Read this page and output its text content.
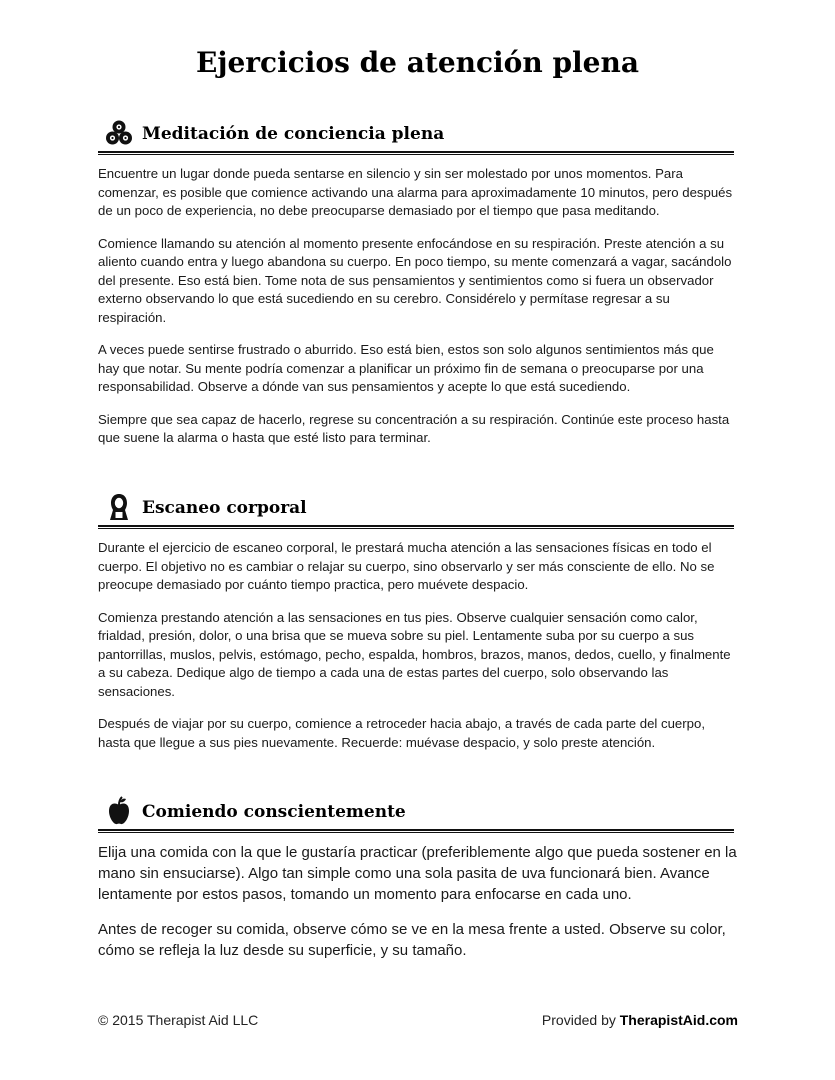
Ejercicios de atención plena
Meditación de conciencia plena

Encuentre un lugar donde pueda sentarse en silencio y sin ser molestado por unos momentos. Para comenzar, es posible que comience activando una alarma para aproximadamente 10 minutos, pero después de un poco de experiencia, no debe preocuparse demasiado por el tiempo que pasa meditando.

Comience llamando su atención al momento presente enfocándose en su respiración. Preste atención a su aliento cuando entra y luego abandona su cuerpo. En poco tiempo, su mente comenzará a vagar, sacándolo del presente. Eso está bien. Tome nota de sus pensamientos y sentimientos como si fuera un observador externo observando lo que está sucediendo en su cerebro. Considérelo y permítase regresar a su respiración.

A veces puede sentirse frustrado o aburrido. Eso está bien, estos son solo algunos sentimientos más que hay que notar. Su mente podría comenzar a planificar un próximo fin de semana o preocuparse por una responsabilidad. Observe a dónde van sus pensamientos y acepte lo que está sucediendo.

Siempre que sea capaz de hacerlo, regrese su concentración a su respiración. Continúe este proceso hasta que suene la alarma o hasta que esté listo para terminar.

Escaneo corporal

Durante el ejercicio de escaneo corporal, le prestará mucha atención a las sensaciones físicas en todo el cuerpo. El objetivo no es cambiar o relajar su cuerpo, sino observarlo y ser más consciente de ello. No se preocupe demasiado por cuánto tiempo practica, pero muévete despacio.

Comienza prestando atención a las sensaciones en tus pies. Observe cualquier sensación como calor, frialdad, presión, dolor, o una brisa que se mueva sobre su piel. Lentamente suba por su cuerpo a sus pantorrillas, muslos, pelvis, estómago, pecho, espalda, hombros, brazos, manos, dedos, cuello, y finalmente a su cabeza. Dedique algo de tiempo a cada una de estas partes del cuerpo, solo observando las sensaciones.

Después de viajar por su cuerpo, comience a retroceder hacia abajo, a través de cada parte del cuerpo, hasta que llegue a sus pies nuevamente. Recuerde: muévase despacio, y solo preste atención.

Comiendo conscientemente

Elija una comida con la que le gustaría practicar (preferiblemente algo que pueda sostener en la mano sin ensuciarse). Algo tan simple como una sola pasita de uva funcionará bien. Avance lentamente por estos pasos, tomando un momento para enfocarse en cada uno.

Antes de recoger su comida, observe cómo se ve en la mesa frente a usted. Observe su color, cómo se refleja la luz desde su superficie, y su tamaño.

© 2015 Therapist Aid LLC	Provided by TherapistAid.com
